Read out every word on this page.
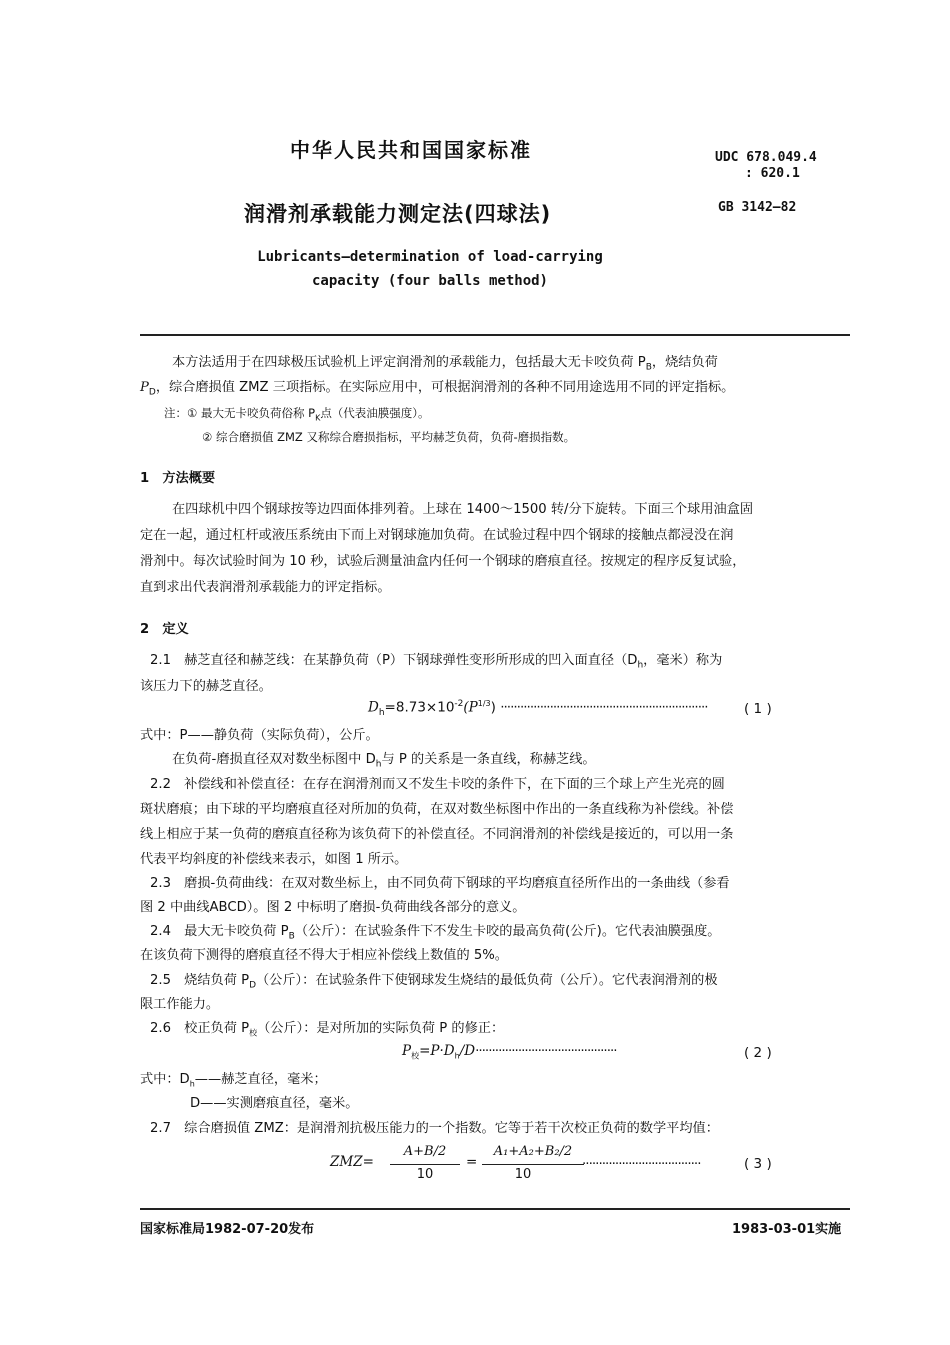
中华人民共和国国家标准	UDC 678.049.4
: 620.1
润滑剂承载能力测定法(四球法)	GB 3142—82
Lubricants—determination of load-carrying
capacity (four balls method)
本方法适用于在四球极压试验机上评定润滑剂的承载能力，包括最大无卡咬负荷 $P_B$，烧结负荷
$P_D$，综合磨损值 ZMZ 三项指标。在实际应用中，可根据润滑剂的各种不同用途选用不同的评定指标。
注：① 最大无卡咬负荷俗称 $P_K$点（代表油膜强度）。
② 综合磨损值 ZMZ 又称综合磨损指标，平均赫芝负荷，负荷-磨损指数。
1　方法概要
在四球机中四个钢球按等边四面体排列着。上球在 1400～1500 转/分下旋转。下面三个球用油盒固
定在一起，通过杠杆或液压系统由下而上对钢球施加负荷。在试验过程中四个钢球的接触点都浸没在润
滑剂中。每次试验时间为 10 秒，试验后测量油盒内任何一个钢球的磨痕直径。按规定的程序反复试验，
直到求出代表润滑剂承载能力的评定指标。
2　定义
2.1　赫芝直径和赫芝线：在某静负荷（P）下钢球弹性变形所形成的凹入面直径（$D_h$，毫米）称为
该压力下的赫芝直径。
$D_h=8.73\times 10^{-2}(P^{1/3})$ ·······························································	( 1 )
式中：P——静负荷（实际负荷），公斤。
在负荷-磨损直径双对数坐标图中 $D_h$与 P 的关系是一条直线，称赫芝线。
2.2　补偿线和补偿直径：在存在润滑剂而又不发生卡咬的条件下，在下面的三个球上产生光亮的圆
斑状磨痕；由下球的平均磨痕直径对所加的负荷，在双对数坐标图中作出的一条直线称为补偿线。补偿
线上相应于某一负荷的磨痕直径称为该负荷下的补偿直径。不同润滑剂的补偿线是接近的，可以用一条
代表平均斜度的补偿线来表示，如图 1 所示。
2.3　磨损-负荷曲线：在双对数坐标上，由不同负荷下钢球的平均磨痕直径所作出的一条曲线（参看
图 2 中曲线ABCD）。图 2 中标明了磨损-负荷曲线各部分的意义。
2.4　最大无卡咬负荷 $P_B$（公斤）：在试验条件下不发生卡咬的最高负荷(公斤)。它代表油膜强度。
在该负荷下测得的磨痕直径不得大于相应补偿线上数值的 5%。
2.5　烧结负荷 $P_D$（公斤）：在试验条件下使钢球发生烧结的最低负荷（公斤）。它代表润滑剂的极
限工作能力。
2.6　校正负荷 $P_校$（公斤）：是对所加的实际负荷 P 的修正：
$P_校=P\cdot D_h/D\cdot\cdot\cdot\cdot\cdot\cdot\cdot\cdot\cdot\cdot\cdot\cdot\cdot\cdot\cdot\cdot\cdot\cdot\cdot\cdot\cdot\cdot\cdot\cdot\cdot\cdot\cdot\cdot\cdot\cdot\cdot\cdot\cdot\cdot\cdot\cdot\cdot\cdot\cdot\cdot\cdot\cdot\cdot$	( 2 )
式中：$D_h——$赫芝直径，毫米；
D——实测磨痕直径，毫米。
2.7　综合磨损值 ZMZ：是润滑剂抗极压能力的一个指数。它等于若干次校正负荷的数学平均值：
ZMZ=
A+B/2
10
=
A₁+A₂+B₂/2
10
····································	( 3 )
国家标准局1982-07-20发布	1983-03-01实施
